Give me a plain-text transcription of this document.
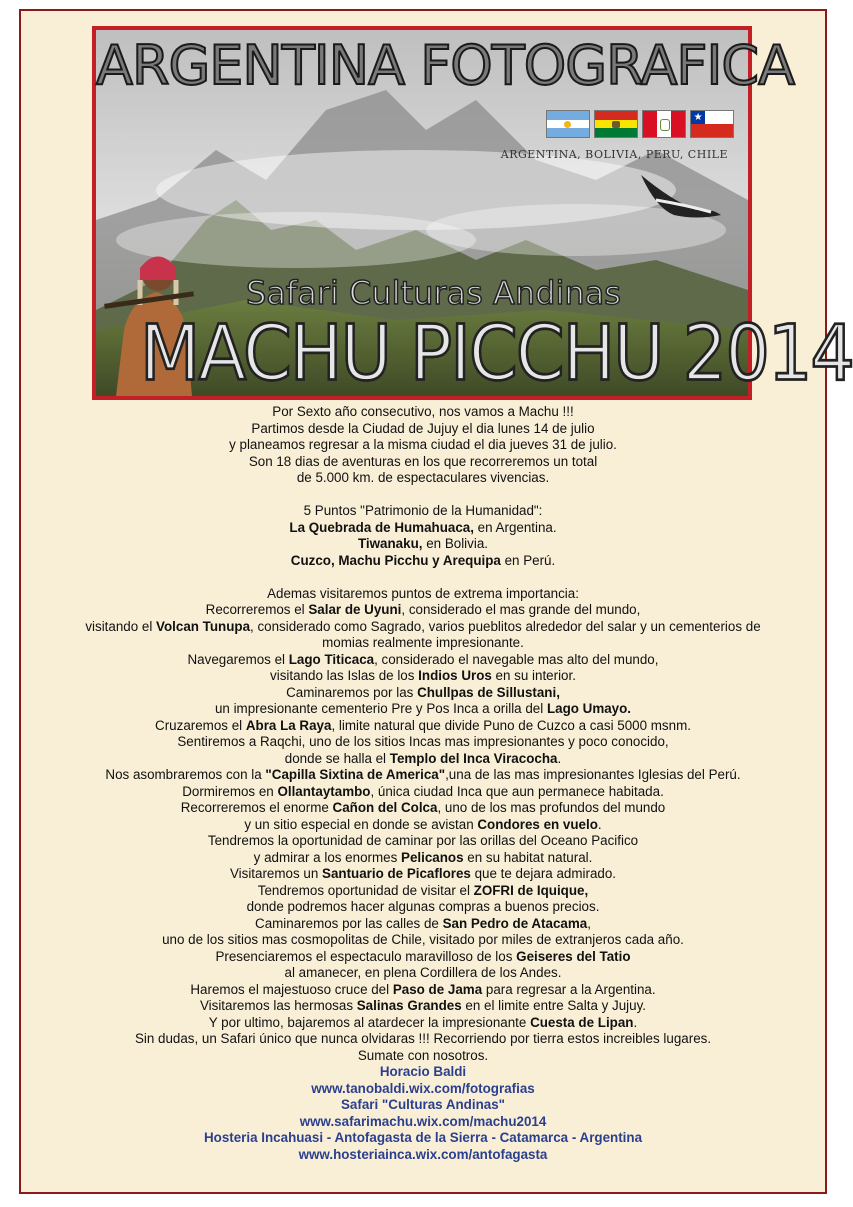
ARGENTINA FOTOGRAFICA
★
ARGENTINA, BOLIVIA, PERU, CHILE
Safari Culturas Andinas
MACHU PICCHU 2014

Por Sexto año consecutivo, nos vamos a Machu !!!

Partimos desde la Ciudad de Jujuy el dia lunes 14 de julio

y planeamos regresar a la misma ciudad el dia jueves 31 de julio.

Son 18 dias de aventuras en los que recorreremos un total

de 5.000 km. de espectaculares vivencias.

5 Puntos "Patrimonio de la Humanidad":

La Quebrada de Humahuaca, en Argentina.

Tiwanaku, en Bolivia.

Cuzco, Machu Picchu y Arequipa en Perú.

Ademas visitaremos puntos de extrema importancia:

Recorreremos el Salar de Uyuni, considerado el mas grande del mundo,

visitando el Volcan Tunupa, considerado como Sagrado, varios pueblitos alrededor del salar y un cementerios de

momias realmente impresionante.

Navegaremos el Lago Titicaca, considerado el navegable mas alto del mundo,

visitando las Islas de los Indios Uros en su interior.

Caminaremos por las Chullpas de Sillustani,

un impresionante cementerio Pre y Pos Inca a orilla del Lago Umayo.

Cruzaremos el Abra La Raya, limite natural que divide Puno de Cuzco a casi 5000 msnm.

Sentiremos a Raqchi, uno de los sitios Incas mas impresionantes y poco conocido,

donde se halla el Templo del Inca Viracocha.

Nos asombraremos con la "Capilla Sixtina de America",una de las mas impresionantes Iglesias del Perú.

Dormiremos en Ollantaytambo, única ciudad Inca que aun permanece habitada.

Recorreremos el enorme Cañon del Colca, uno de los mas profundos del mundo

y un sitio especial en donde se avistan Condores en vuelo.

Tendremos la oportunidad de caminar por las orillas del Oceano Pacifico

y admirar a los enormes Pelicanos en su habitat natural.

Visitaremos un Santuario de Picaflores que te dejara admirado.

Tendremos oportunidad de visitar el ZOFRI de Iquique,

donde podremos hacer algunas compras a buenos precios.

Caminaremos por las calles de San Pedro de Atacama,

uno de los sitios mas cosmopolitas de Chile, visitado por miles de extranjeros cada año.

Presenciaremos el espectaculo maravilloso de los Geiseres del Tatio

al amanecer, en plena Cordillera de los Andes.

Haremos el majestuoso cruce del Paso de Jama para regresar a la Argentina.

Visitaremos las hermosas Salinas Grandes en el limite entre Salta y Jujuy.

Y por ultimo, bajaremos al atardecer la impresionante Cuesta de Lipan.

Sin dudas, un Safari único que nunca olvidaras !!! Recorriendo por tierra estos increibles lugares.

Sumate con nosotros.

Horacio Baldi

www.tanobaldi.wix.com/fotografias

Safari "Culturas Andinas"

www.safarimachu.wix.com/machu2014

Hosteria Incahuasi - Antofagasta de la Sierra - Catamarca - Argentina

www.hosteriainca.wix.com/antofagasta
